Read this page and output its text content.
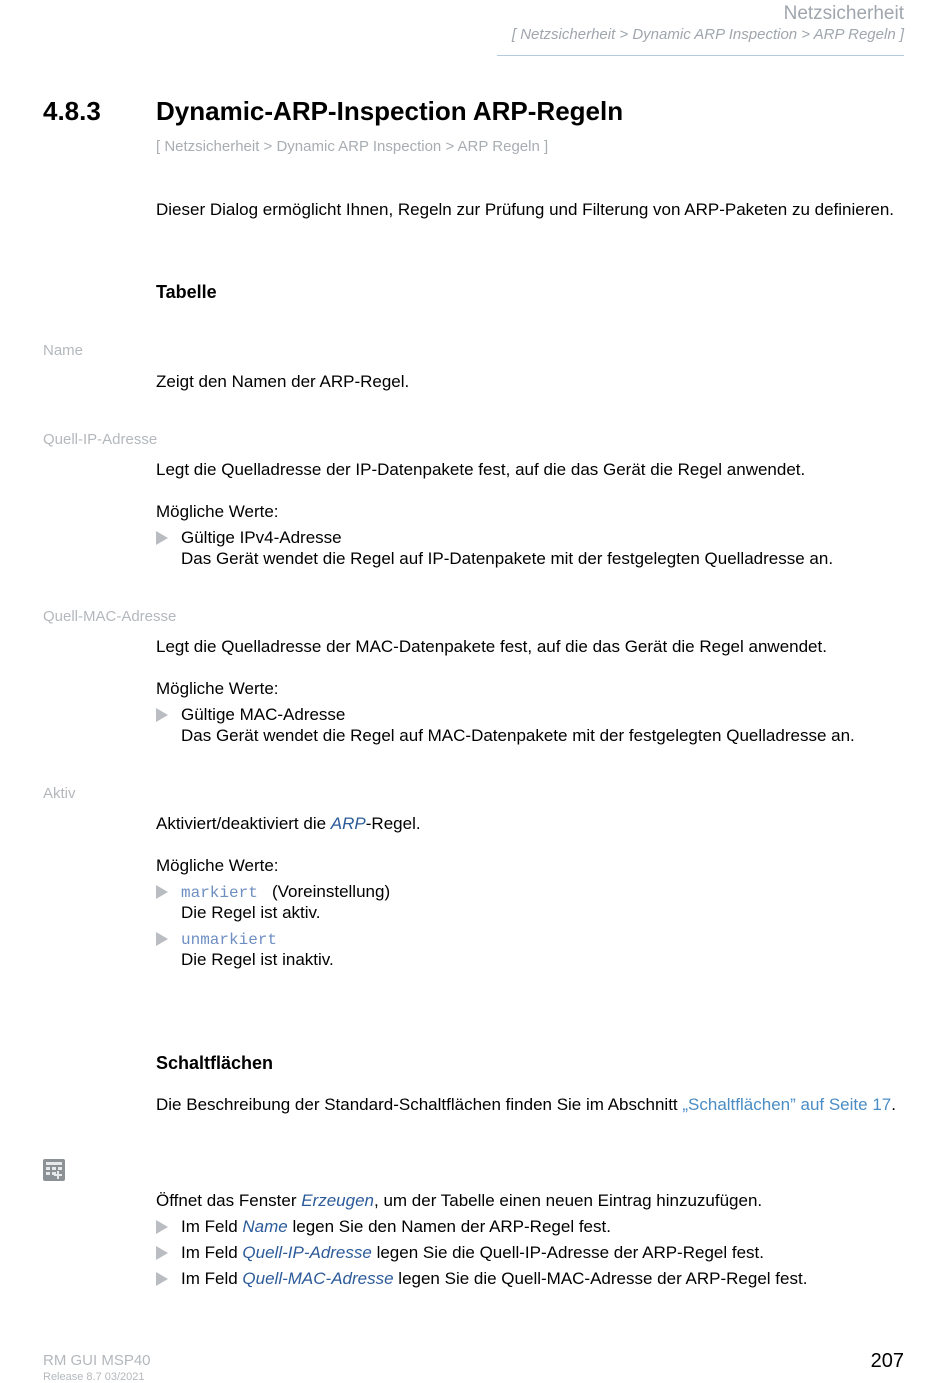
Netzsicherheit
[ Netzsicherheit > Dynamic ARP Inspection > ARP Regeln ]
4.8.3 Dynamic-ARP-Inspection ARP-Regeln
[ Netzsicherheit > Dynamic ARP Inspection > ARP Regeln ]
Dieser Dialog ermöglicht Ihnen, Regeln zur Prüfung und Filterung von ARP-Paketen zu definieren.
Tabelle
Name
Zeigt den Namen der ARP-Regel.
Quell-IP-Adresse
Legt die Quelladresse der IP-Datenpakete fest, auf die das Gerät die Regel anwendet.
Mögliche Werte:
Gültige IPv4-Adresse
Das Gerät wendet die Regel auf IP-Datenpakete mit der festgelegten Quelladresse an.
Quell-MAC-Adresse
Legt die Quelladresse der MAC-Datenpakete fest, auf die das Gerät die Regel anwendet.
Mögliche Werte:
Gültige MAC-Adresse
Das Gerät wendet die Regel auf MAC-Datenpakete mit der festgelegten Quelladresse an.
Aktiv
Aktiviert/deaktiviert die ARP-Regel.
Mögliche Werte:
markiert (Voreinstellung)
Die Regel ist aktiv.
unmarkiert
Die Regel ist inaktiv.
Schaltflächen
Die Beschreibung der Standard-Schaltflächen finden Sie im Abschnitt „Schaltflächen” auf Seite 17.
Öffnet das Fenster Erzeugen, um der Tabelle einen neuen Eintrag hinzuzufügen.
Im Feld Name legen Sie den Namen der ARP-Regel fest.
Im Feld Quell-IP-Adresse legen Sie die Quell-IP-Adresse der ARP-Regel fest.
Im Feld Quell-MAC-Adresse legen Sie die Quell-MAC-Adresse der ARP-Regel fest.
RM GUI MSP40
Release 8.7 03/2021
207
